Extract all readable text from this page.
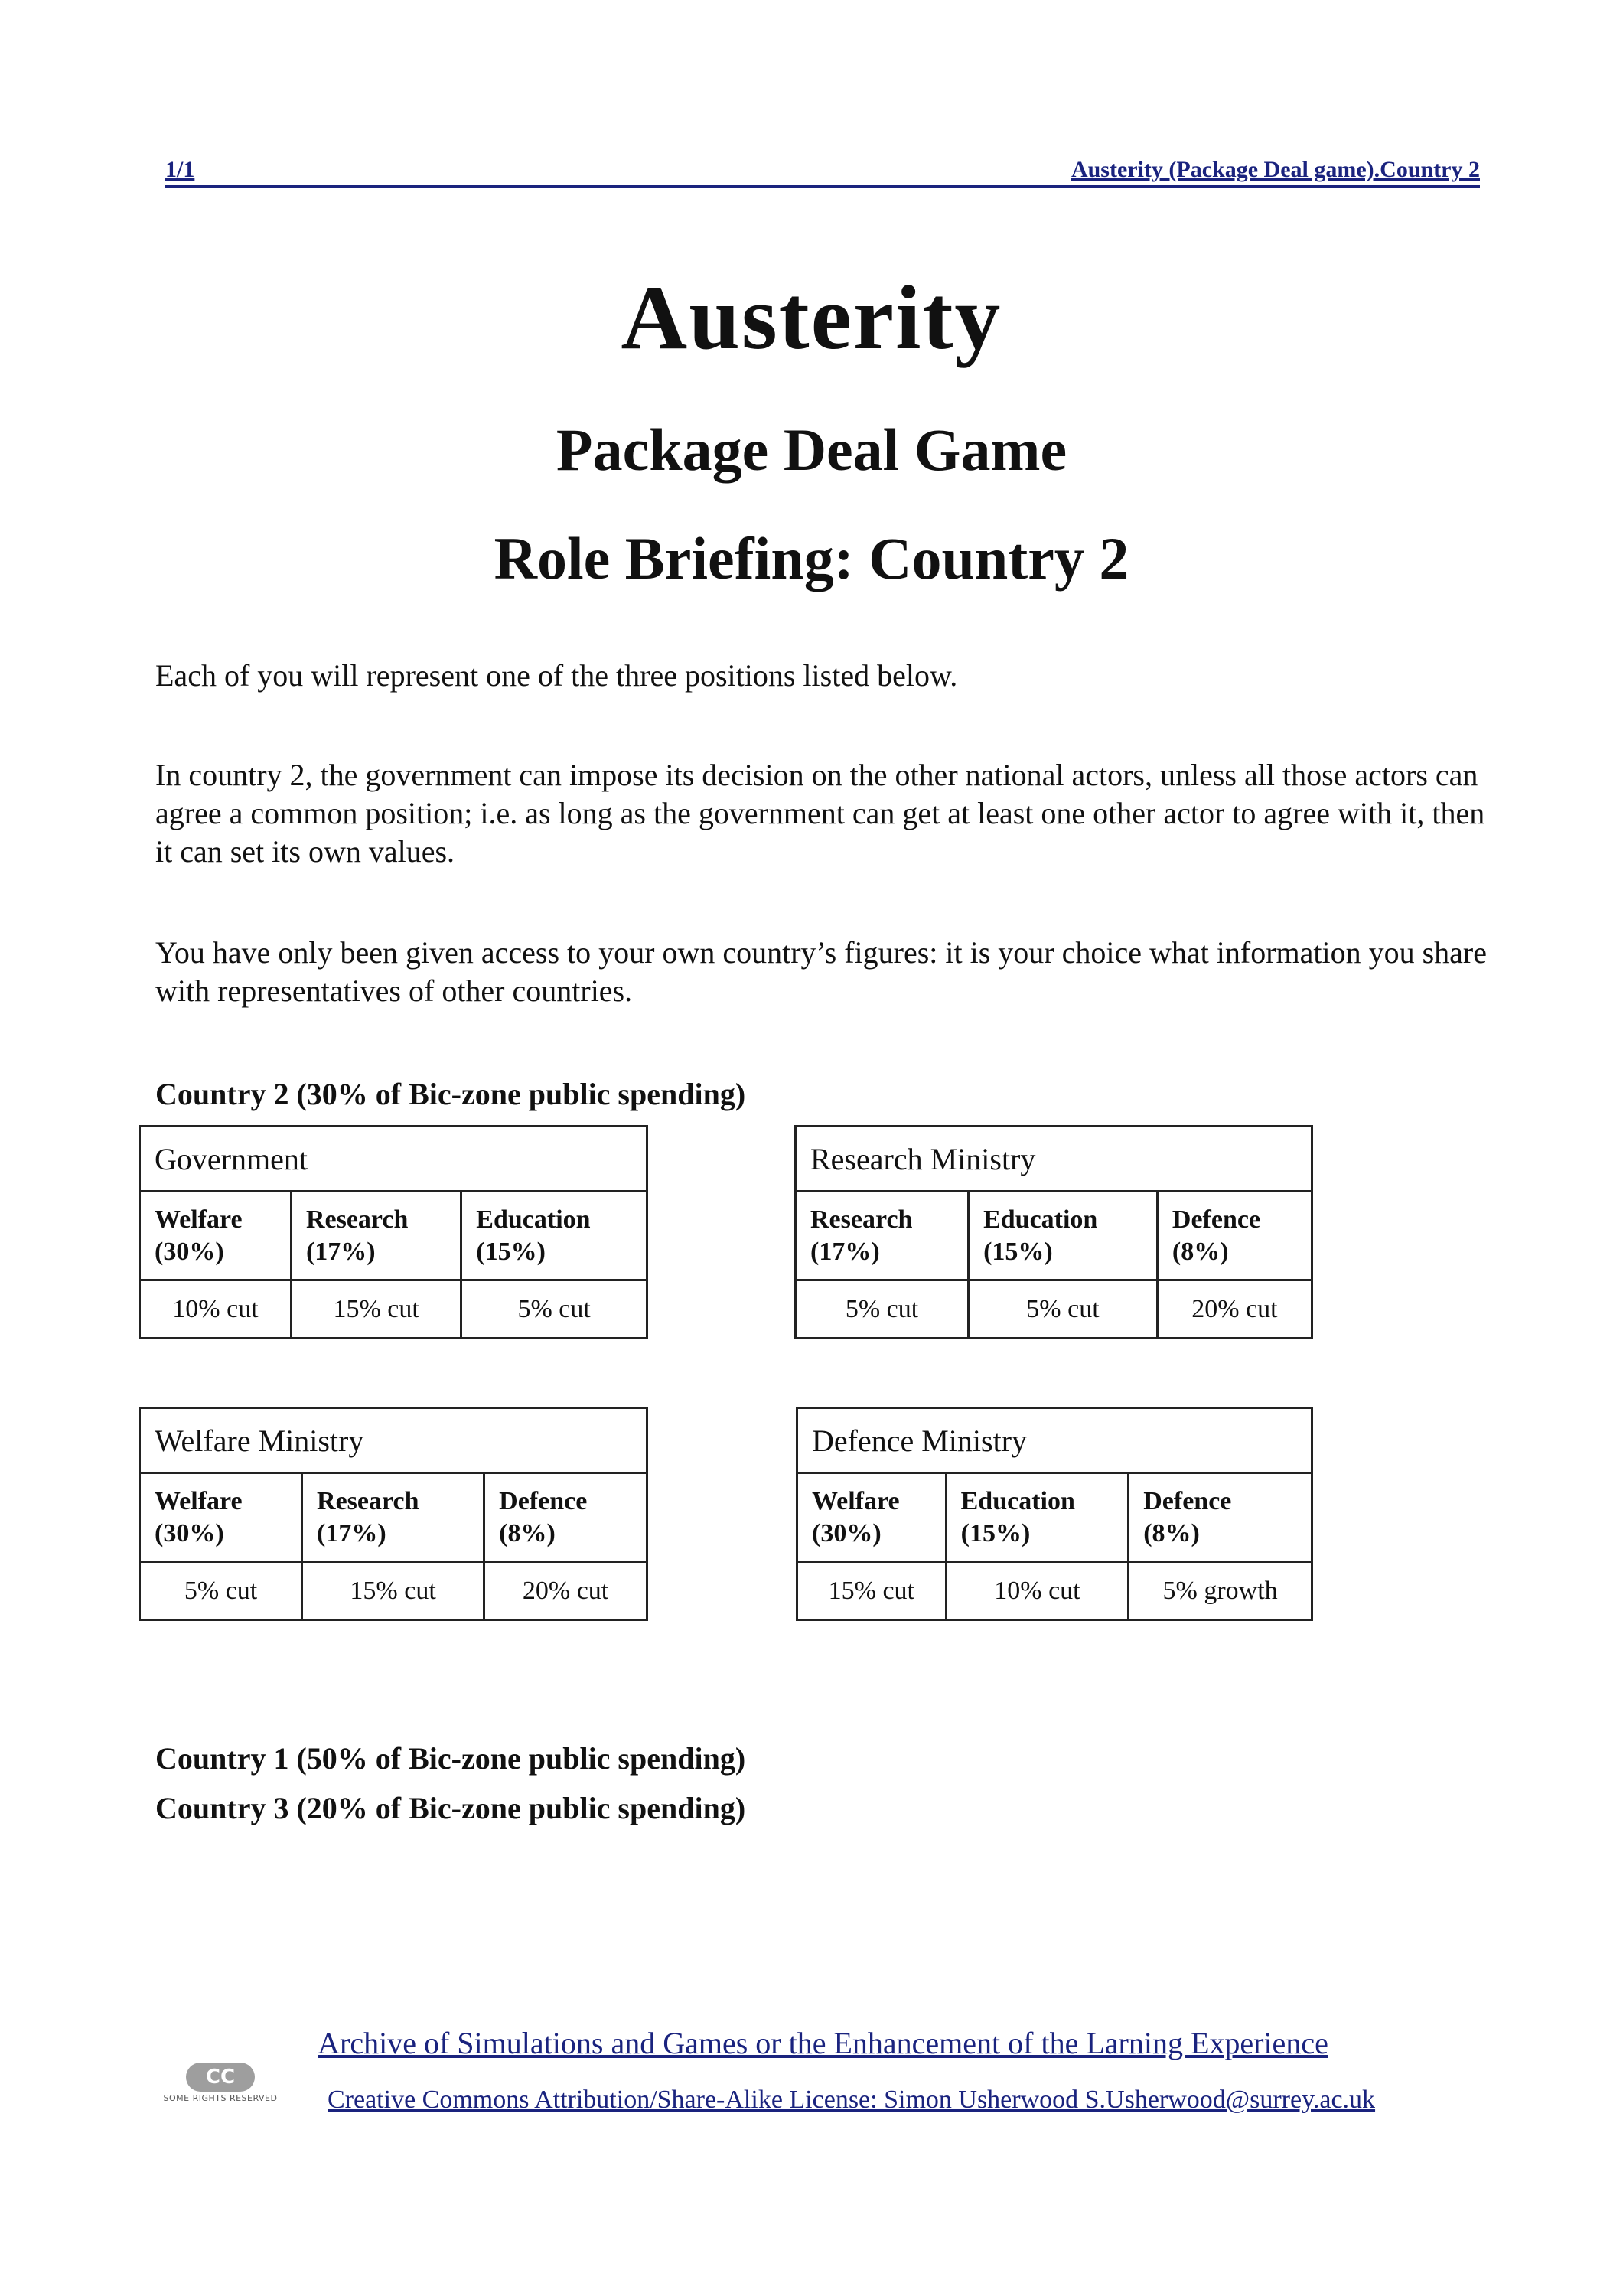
1/1	Austerity (Package Deal game).Country 2
Austerity
Package Deal Game
Role Briefing: Country 2

Each of you will represent one of the three positions listed below.

In country 2, the government can impose its decision on the other national actors, unless all those actors can agree a common position; i.e. as long as the government can get at least one other actor to agree with it, then it can set its own values.

You have only been given access to your own country’s figures: it is your choice what information you share with representatives of other countries.

Country 2 (30% of Bic-zone public spending)
Government		

Welfare
(30%)	Research
(17%)	Education
(15%)

10% cut	15% cut	5% cut
Research Ministry		

Research
(17%)	Education
(15%)	Defence
(8%)

5% cut	5% cut	20% cut
Welfare Ministry		

Welfare
(30%)	Research
(17%)	Defence
(8%)

5% cut	15% cut	20% cut
Defence Ministry		

Welfare
(30%)	Education
(15%)	Defence
(8%)

15% cut	10% cut	5% growth
Country 1 (50% of Bic-zone public spending)
Country 3 (20% of Bic-zone public spending)
Archive of Simulations and Games or the Enhancement of the Larning Experience
CC
SOME RIGHTS RESERVED Creative Commons Attribution/Share-Alike License: Simon Usherwood S.Usherwood@surrey.ac.uk
